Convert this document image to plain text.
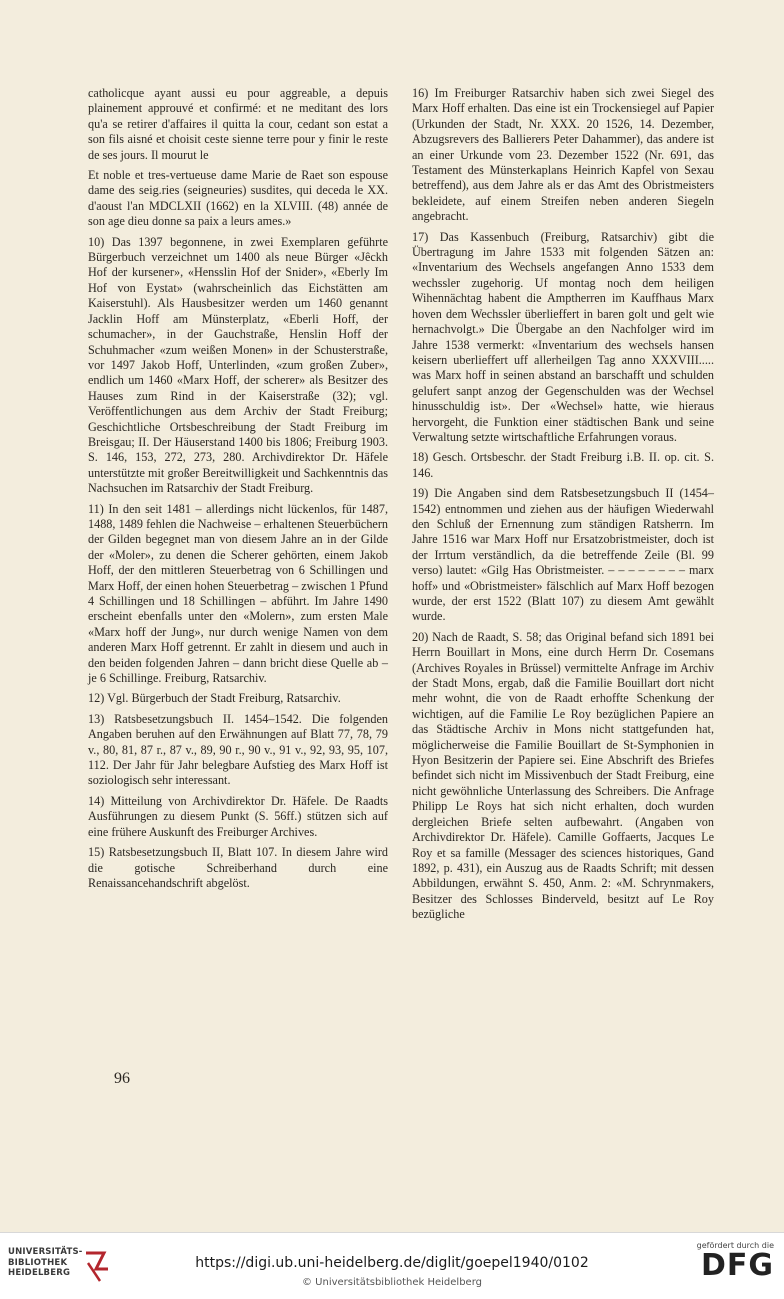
catholicque ayant aussi eu pour aggreable, a depuis plainement approuvé et confirmé: et ne meditant des lors qu'a se retirer d'affaires il quitta la cour, cedant son estat a son fils aisné et choisit ceste sienne terre pour y finir le reste de ses jours. Il mourut le

Et noble et tres-vertueuse dame Marie de Raet son espouse dame des seig.ries (seigneuries) susdites, qui deceda le XX. d'aoust l'an MDCLXII (1662) en la XLVIII. (48) année de son age dieu donne sa paix a leurs ames.»

10) Das 1397 begonnene, in zwei Exemplaren geführte Bürgerbuch verzeichnet um 1400 als neue Bürger «Jêckh Hof der kursener», «Hensslin Hof der Snider», «Eberly Im Hof von Eystat» (wahrscheinlich das Eichstätten am Kaiserstuhl). Als Hausbesitzer werden um 1460 genannt Jacklin Hoff am Münsterplatz, «Eberli Hoff, der schumacher», in der Gauchstraße, Henslin Hoff der Schuhmacher «zum weißen Monen» in der Schusterstraße, vor 1497 Jakob Hoff, Unterlinden, «zum großen Zuber», endlich um 1460 «Marx Hoff, der scherer» als Besitzer des Hauses zum Rind in der Kaiserstraße (32); vgl. Veröffentlichungen aus dem Archiv der Stadt Freiburg; Geschichtliche Ortsbeschreibung der Stadt Freiburg im Breisgau; II. Der Häuserstand 1400 bis 1806; Freiburg 1903. S. 146, 153, 272, 273, 280. Archivdirektor Dr. Häfele unterstützte mit großer Bereitwilligkeit und Sachkenntnis das Nachsuchen im Ratsarchiv der Stadt Freiburg.

11) In den seit 1481 – allerdings nicht lückenlos, für 1487, 1488, 1489 fehlen die Nachweise – erhaltenen Steuerbüchern der Gilden begegnet man von diesem Jahre an in der Gilde der «Moler», zu denen die Scherer gehörten, einem Jakob Hoff, der den mittleren Steuerbetrag von 6 Schillingen und Marx Hoff, der einen hohen Steuerbetrag – zwischen 1 Pfund 4 Schillingen und 18 Schillingen – abführt. Im Jahre 1490 erscheint ebenfalls unter den «Molern», zum ersten Male «Marx hoff der Jung», nur durch wenige Namen von dem anderen Marx Hoff getrennt. Er zahlt in diesem und auch in den beiden folgenden Jahren – dann bricht diese Quelle ab – je 6 Schillinge. Freiburg, Ratsarchiv.

12) Vgl. Bürgerbuch der Stadt Freiburg, Ratsarchiv.

13) Ratsbesetzungsbuch II. 1454–1542. Die folgenden Angaben beruhen auf den Erwähnungen auf Blatt 77, 78, 79 v., 80, 81, 87 r., 87 v., 89, 90 r., 90 v., 91 v., 92, 93, 95, 107, 112. Der Jahr für Jahr belegbare Aufstieg des Marx Hoff ist soziologisch sehr interessant.

14) Mitteilung von Archivdirektor Dr. Häfele. De Raadts Ausführungen zu diesem Punkt (S. 56ff.) stützen sich auf eine frühere Auskunft des Freiburger Archives.

15) Ratsbesetzungsbuch II, Blatt 107. In diesem Jahre wird die gotische Schreiberhand durch eine Renaissancehandschrift abgelöst.

16) Im Freiburger Ratsarchiv haben sich zwei Siegel des Marx Hoff erhalten. Das eine ist ein Trockensiegel auf Papier (Urkunden der Stadt, Nr. XXX. 20 1526, 14. Dezember, Abzugsrevers des Ballierers Peter Dahammer), das andere ist an einer Urkunde vom 23. Dezember 1522 (Nr. 691, das Testament des Münsterkaplans Heinrich Kapfel von Sexau betreffend), aus dem Jahre als er das Amt des Obristmeisters bekleidete, auf einem Streifen neben anderen Siegeln angebracht.

17) Das Kassenbuch (Freiburg, Ratsarchiv) gibt die Übertragung im Jahre 1533 mit folgenden Sätzen an: «Inventarium des Wechsels angefangen Anno 1533 dem wechssler zugehorig. Uf montag noch dem heiligen Wihennächtag habent die Amptherren im Kauffhaus Marx hoven dem Wechssler überlieffert in baren golt und gelt wie hernachvolgt.» Die Übergabe an den Nachfolger wird im Jahre 1538 vermerkt: «Inventarium des wechsels hansen keisern uberlieffert uff allerheilgen Tag anno XXXVIII..... was Marx hoff in seinen abstand an barschafft und schulden gelufert sanpt anzog der Gegenschulden was der Wechsel hinusschuldig ist». Der «Wechsel» hatte, wie hieraus hervorgeht, die Funktion einer städtischen Bank und seine Verwaltung setzte wirtschaftliche Erfahrungen voraus.

18) Gesch. Ortsbeschr. der Stadt Freiburg i.B. II. op. cit. S. 146.

19) Die Angaben sind dem Ratsbesetzungsbuch II (1454–1542) entnommen und ziehen aus der häufigen Wiederwahl den Schluß der Ernennung zum ständigen Ratsherrn. Im Jahre 1516 war Marx Hoff nur Ersatzobristmeister, doch ist der Irrtum verständlich, da die betreffende Zeile (Bl. 99 verso) lautet: «Gilg Has Obristmeister. – – – – – – – – marx hoff» und «Obristmeister» fälschlich auf Marx Hoff bezogen wurde, der erst 1522 (Blatt 107) zu diesem Amt gewählt wurde.

20) Nach de Raadt, S. 58; das Original befand sich 1891 bei Herrn Bouillart in Mons, eine durch Herrn Dr. Cosemans (Archives Royales in Brüssel) vermittelte Anfrage im Archiv der Stadt Mons, ergab, daß die Familie Bouillart dort nicht mehr wohnt, die von de Raadt erhoffte Schenkung der wichtigen, auf die Familie Le Roy bezüglichen Papiere an das Städtische Archiv in Mons nicht stattgefunden hat, möglicherweise die Familie Bouillart de St-Symphonien in Hyon Besitzerin der Papiere sei. Eine Abschrift des Briefes befindet sich nicht im Missivenbuch der Stadt Freiburg, eine nicht gewöhnliche Unterlassung des Schreibers. Die Anfrage Philipp Le Roys hat sich nicht erhalten, doch wurden dergleichen Briefe selten aufbewahrt. (Angaben von Archivdirektor Dr. Häfele). Camille Goffaerts, Jacques Le Roy et sa famille (Messager des sciences historiques, Gand 1892, p. 431), ein Auszug aus de Raadts Schrift; mit dessen Abbildungen, erwähnt S. 450, Anm. 2: «M. Schrynmakers, Besitzer des Schlosses Binderveld, besitzt auf Le Roy bezügliche

96
UNIVERSITÄTS-
BIBLIOTHEK
HEIDELBERG
https://digi.ub.uni-heidelberg.de/diglit/goepel1940/0102
© Universitätsbibliothek Heidelberg
gefördert durch die
DFG
